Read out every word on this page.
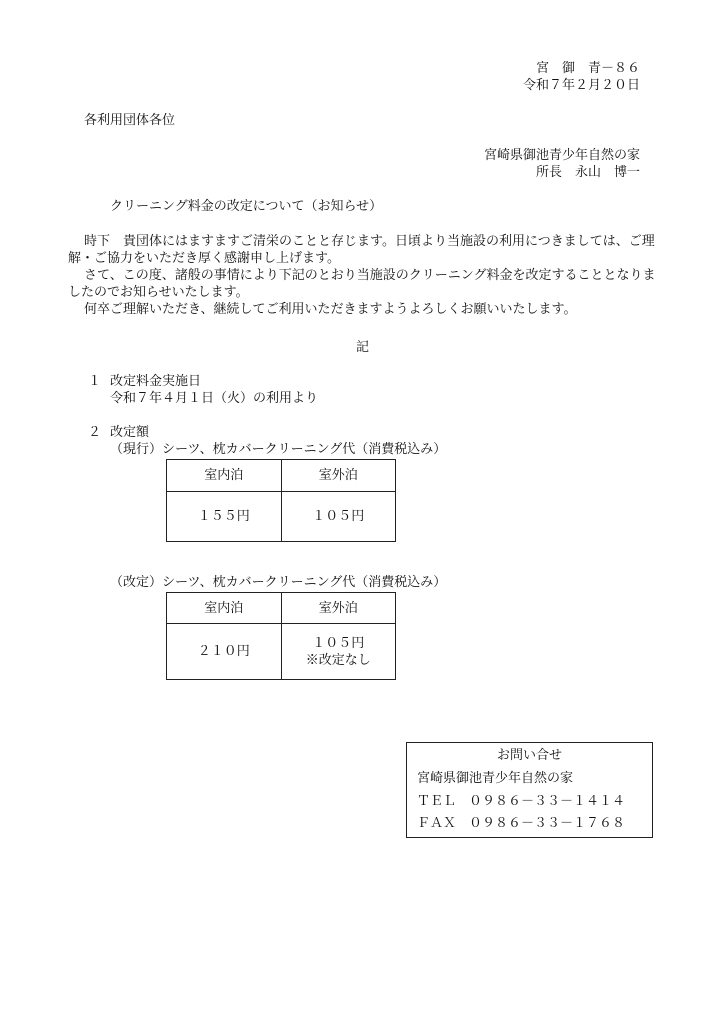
宮　御　青－８６
令和７年２月２０日
各利用団体各位
宮崎県御池青少年自然の家
所長　永山　博一
クリーニング料金の改定について（お知らせ）
時下　貴団体にはますますご清栄のことと存じます。日頃より当施設の利用につきましては、ご理解・ご協力をいただき厚く感謝申し上げます。
さて、この度、諸般の事情により下記のとおり当施設のクリーニング料金を改定することとなりましたのでお知らせいたします。
何卒ご理解いただき、継続してご利用いただきますようよろしくお願いいたします。
記
１ 改定料金実施日
令和７年４月１日（火）の利用より
２ 改定額
（現行）シーツ、枕カバークリーニング代（消費税込み）
室内泊	室外泊
１５５円	１０５円
（改定）シーツ、枕カバークリーニング代（消費税込み）
室内泊	室外泊
２１０円	１０５円
※改定なし
お問い合せ
宮崎県御池青少年自然の家
ＴＥＬ　０９８６－３３－１４１４
ＦＡＸ　０９８６－３３－１７６８
